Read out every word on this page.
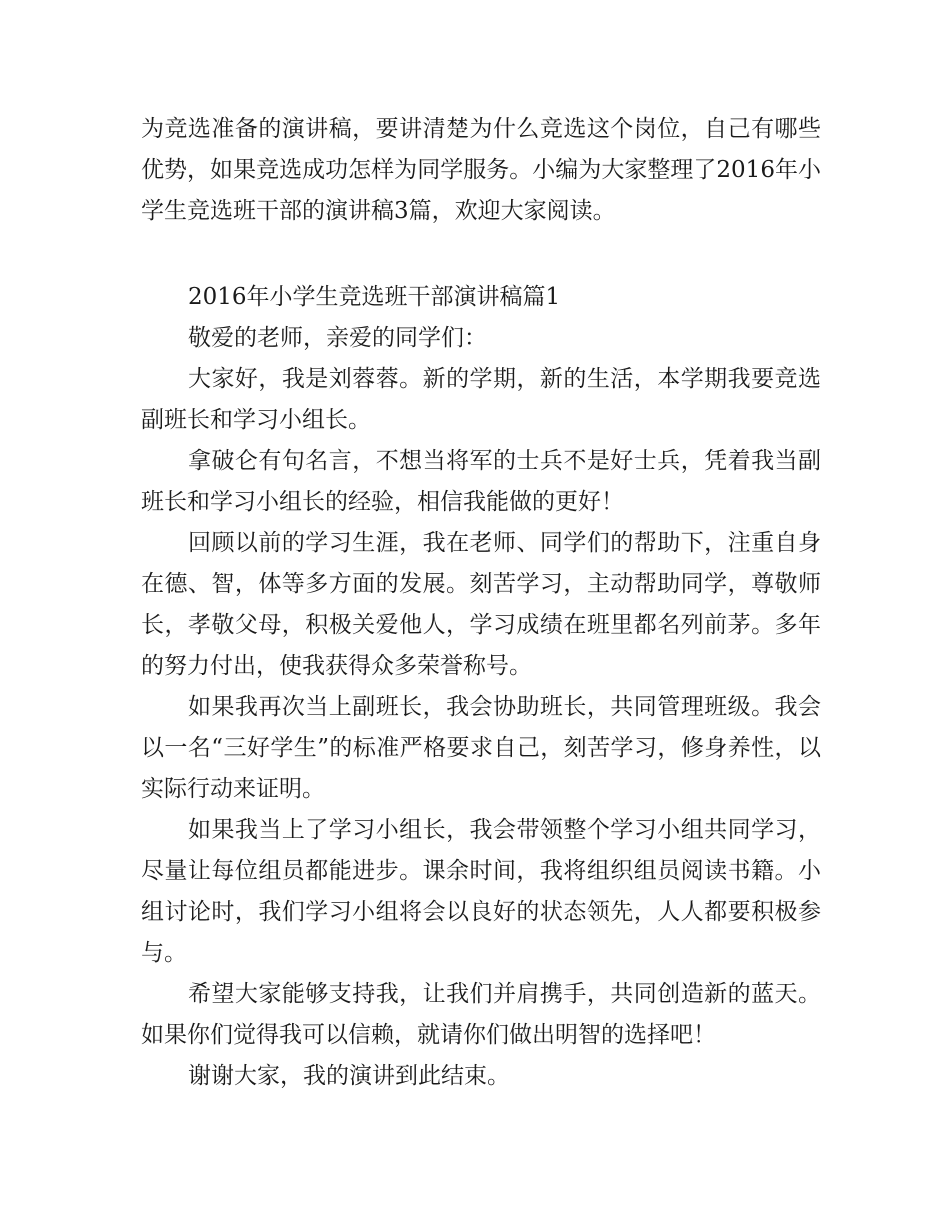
为竞选准备的演讲稿，要讲清楚为什么竞选这个岗位，自己有哪些优势，如果竞选成功怎样为同学服务。小编为大家整理了2016年小学生竞选班干部的演讲稿3篇，欢迎大家阅读。

2016年小学生竞选班干部演讲稿篇1

敬爱的老师，亲爱的同学们：

大家好，我是刘蓉蓉。新的学期，新的生活，本学期我要竞选副班长和学习小组长。

拿破仑有句名言，不想当将军的士兵不是好士兵，凭着我当副班长和学习小组长的经验，相信我能做的更好！

回顾以前的学习生涯，我在老师、同学们的帮助下，注重自身在德、智，体等多方面的发展。刻苦学习，主动帮助同学，尊敬师长，孝敬父母，积极关爱他人，学习成绩在班里都名列前茅。多年的努力付出，使我获得众多荣誉称号。

如果我再次当上副班长，我会协助班长，共同管理班级。我会以一名“三好学生”的标准严格要求自己，刻苦学习，修身养性，以实际行动来证明。

如果我当上了学习小组长，我会带领整个学习小组共同学习，尽量让每位组员都能进步。课余时间，我将组织组员阅读书籍。小组讨论时，我们学习小组将会以良好的状态领先，人人都要积极参与。

希望大家能够支持我，让我们并肩携手，共同创造新的蓝天。如果你们觉得我可以信赖，就请你们做出明智的选择吧！

谢谢大家，我的演讲到此结束。
